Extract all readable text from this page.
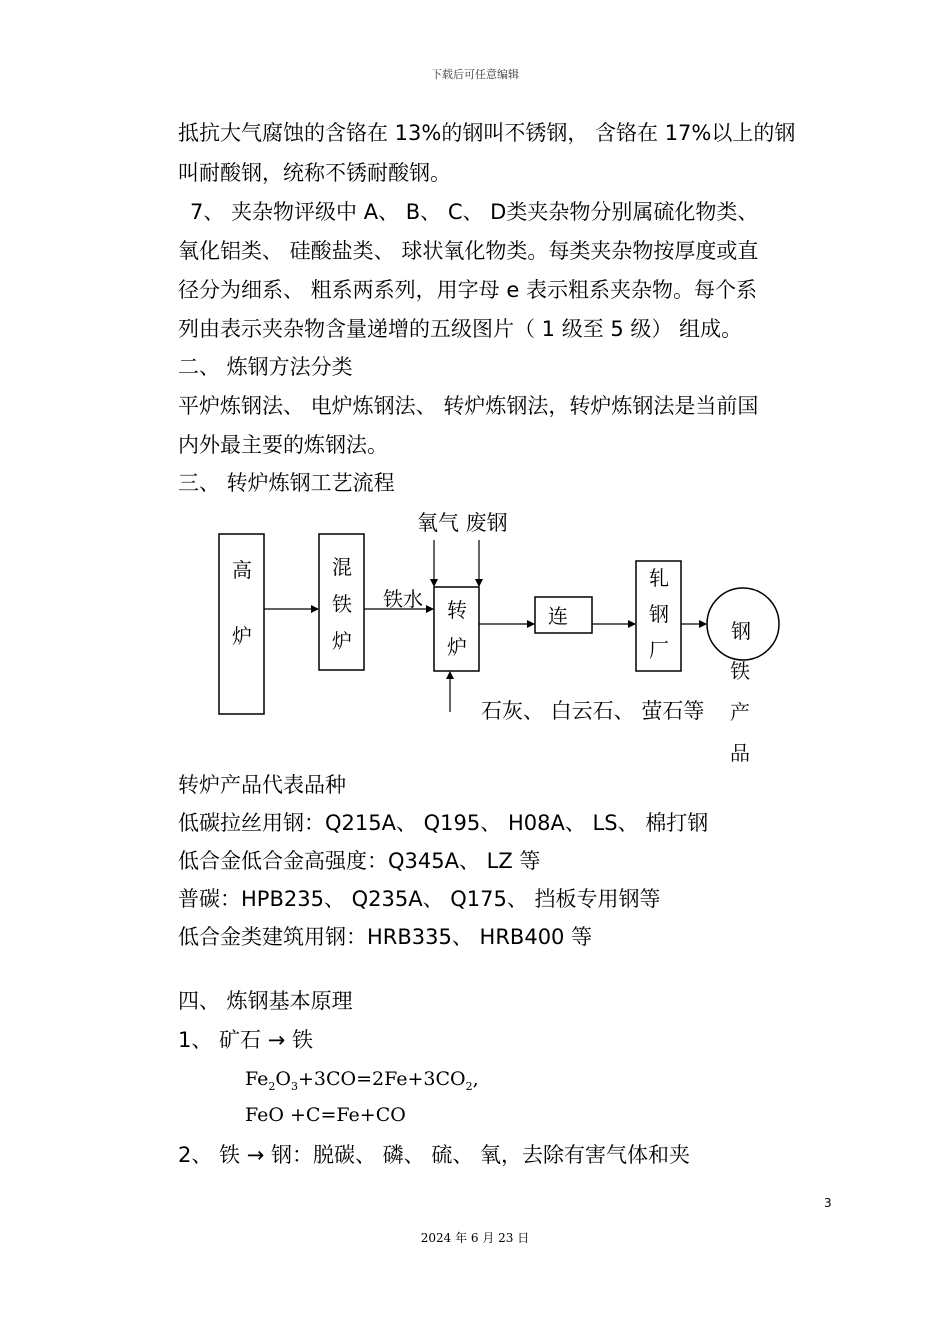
下载后可任意编辑
抵抗大气腐蚀的含铬在 13%的钢叫不锈钢， 含铬在 17%以上的钢
叫耐酸钢，统称不锈耐酸钢。
7、 夹杂物评级中 A、 B、 C、 D类夹杂物分别属硫化物类、
氧化铝类、 硅酸盐类、 球状氧化物类。每类夹杂物按厚度或直
径分为细系、 粗系两系列，用字母 e 表示粗系夹杂物。每个系
列由表示夹杂物含量递增的五级图片（ 1 级至 5 级） 组成。
二、 炼钢方法分类
平炉炼钢法、 电炉炼钢法、 转炉炼钢法，转炉炼钢法是当前国
内外最主要的炼钢法。
三、 转炉炼钢工艺流程
氧气 废钢
高
炉
混
铁
炉
铁水 转
炉
连
轧
钢
厂
钢
铁
产
品
石灰、 白云石、 萤石等
转炉产品代表品种
低碳拉丝用钢：Q215A、 Q195、 H08A、 LS、 棉打钢
低合金低合金高强度：Q345A、 LZ 等
普碳：HPB235、 Q235A、 Q175、 挡板专用钢等
低合金类建筑用钢：HRB335、 HRB400 等
四、 炼钢基本原理
1、 矿石 → 铁
$Fe_2O_3+3CO=2Fe+3CO_2$,
FeO +C=Fe+CO
2、 铁 → 钢：脱碳、 磷、 硫、 氧，去除有害气体和夹
3
2024 年 6 月 23 日
